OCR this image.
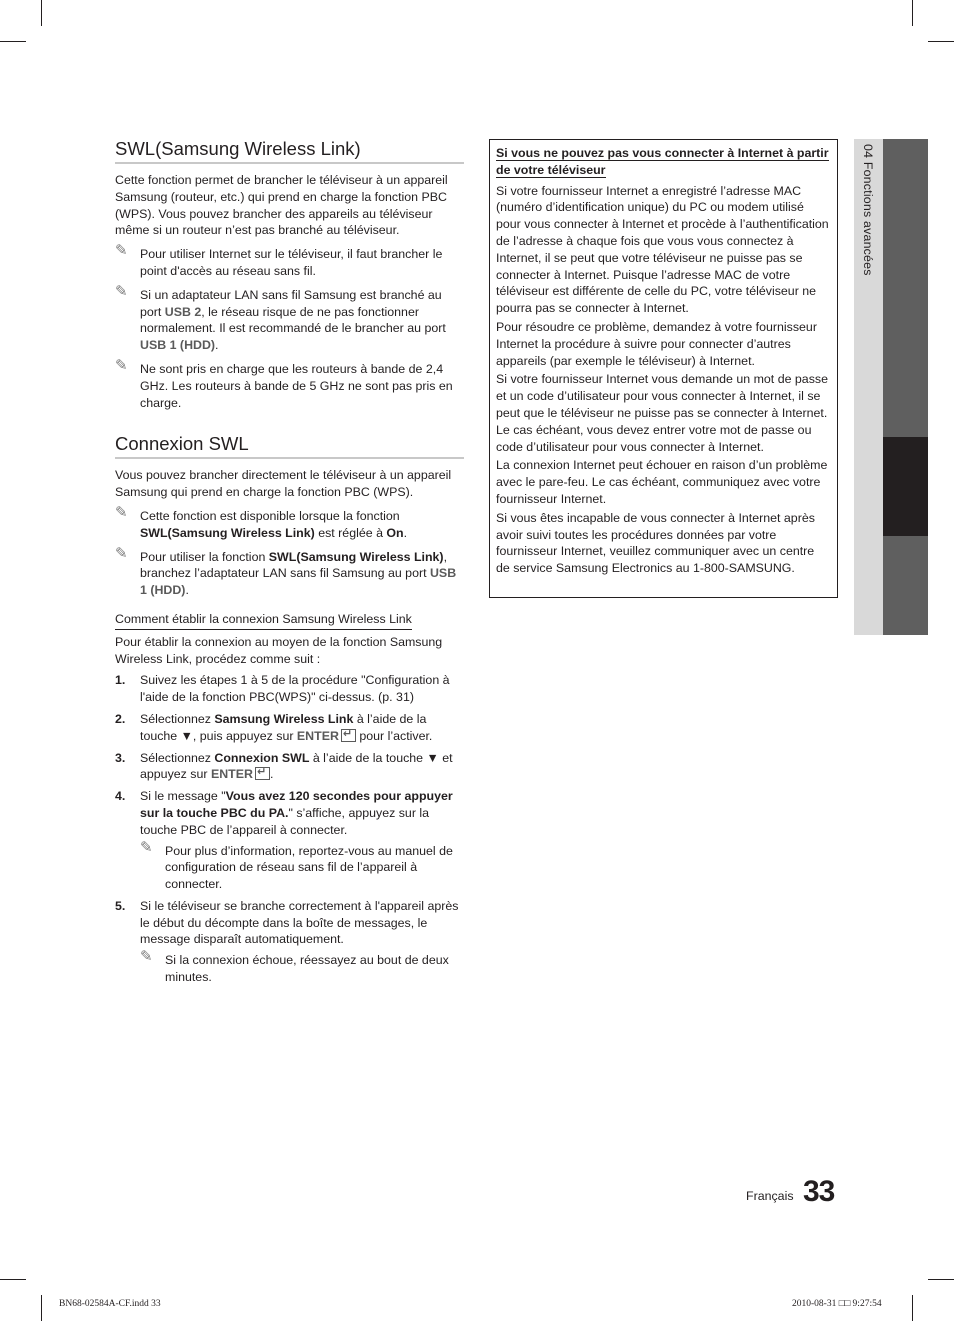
SWL(Samsung Wireless Link)

Cette fonction permet de brancher le téléviseur à un appareil Samsung (routeur, etc.) qui prend en charge la fonction PBC (WPS). Vous pouvez brancher des appareils au téléviseur même si un routeur n’est pas branché au téléviseur.

✎ Pour utiliser Internet sur le téléviseur, il faut brancher le point d'accès au réseau sans fil.
✎ Si un adaptateur LAN sans fil Samsung est branché au port USB 2, le réseau risque de ne pas fonctionner normalement. Il est recommandé de le brancher au port USB 1 (HDD).
✎ Ne sont pris en charge que les routeurs à bande de 2,4 GHz. Les routeurs à bande de 5 GHz ne sont pas pris en charge.
Connexion SWL

Vous pouvez brancher directement le téléviseur à un appareil Samsung qui prend en charge la fonction PBC (WPS).

✎ Cette fonction est disponible lorsque la fonction SWL(Samsung Wireless Link) est réglée à On.
✎ Pour utiliser la fonction SWL(Samsung Wireless Link), branchez l’adaptateur LAN sans fil Samsung au port USB 1 (HDD).
Comment établir la connexion Samsung Wireless Link

Pour établir la connexion au moyen de la fonction Samsung Wireless Link, procédez comme suit :

1. Suivez les étapes 1 à 5 de la procédure "Configuration à l'aide de la fonction PBC(WPS)" ci-dessus. (p. 31)
2. Sélectionnez Samsung Wireless Link à l’aide de la touche ▼, puis appuyez sur ENTER↵ pour l’activer.
3. Sélectionnez Connexion SWL à l’aide de la touche ▼ et appuyez sur ENTER↵ .
4. Si le message "Vous avez 120 secondes pour appuyer sur la touche PBC du PA." s’affiche, appuyez sur la touche PBC de l’appareil à connecter.
✎ Pour plus d’information, reportez-vous au manuel de configuration de réseau sans fil de l’appareil à connecter.
5. Si le téléviseur se branche correctement à l'appareil après le début du décompte dans la boîte de messages, le message disparaît automatiquement.
✎ Si la connexion échoue, réessayez au bout de deux minutes.
Si vous ne pouvez pas vous connecter à Internet à partir de votre téléviseur

Si votre fournisseur Internet a enregistré l’adresse MAC (numéro d’identification unique) du PC ou modem utilisé pour vous connecter à Internet et procède à l’authentification de l’adresse à chaque fois que vous vous connectez à Internet, il se peut que votre téléviseur ne puisse pas se connecter à Internet. Puisque l’adresse MAC de votre téléviseur est différente de celle du PC, votre téléviseur ne pourra pas se connecter à Internet.

Pour résoudre ce problème, demandez à votre fournisseur Internet la procédure à suivre pour connecter d’autres appareils (par exemple le téléviseur) à Internet.

Si votre fournisseur Internet vous demande un mot de passe et un code d’utilisateur pour vous connecter à Internet, il se peut que le téléviseur ne puisse pas se connecter à Internet. Le cas échéant, vous devez entrer votre mot de passe ou code d’utilisateur pour vous connecter à Internet.

La connexion Internet peut échouer en raison d’un problème avec le pare-feu. Le cas échéant, communiquez avec votre fournisseur Internet.

Si vous êtes incapable de vous connecter à Internet après avoir suivi toutes les procédures données par votre fournisseur Internet, veuillez communiquer avec un centre de service Samsung Electronics au 1-800-SAMSUNG.

04 Fonctions avancées
Français 33
BN68-02584A-CF.indd 33	2010-08-31 □□ 9:27:54
